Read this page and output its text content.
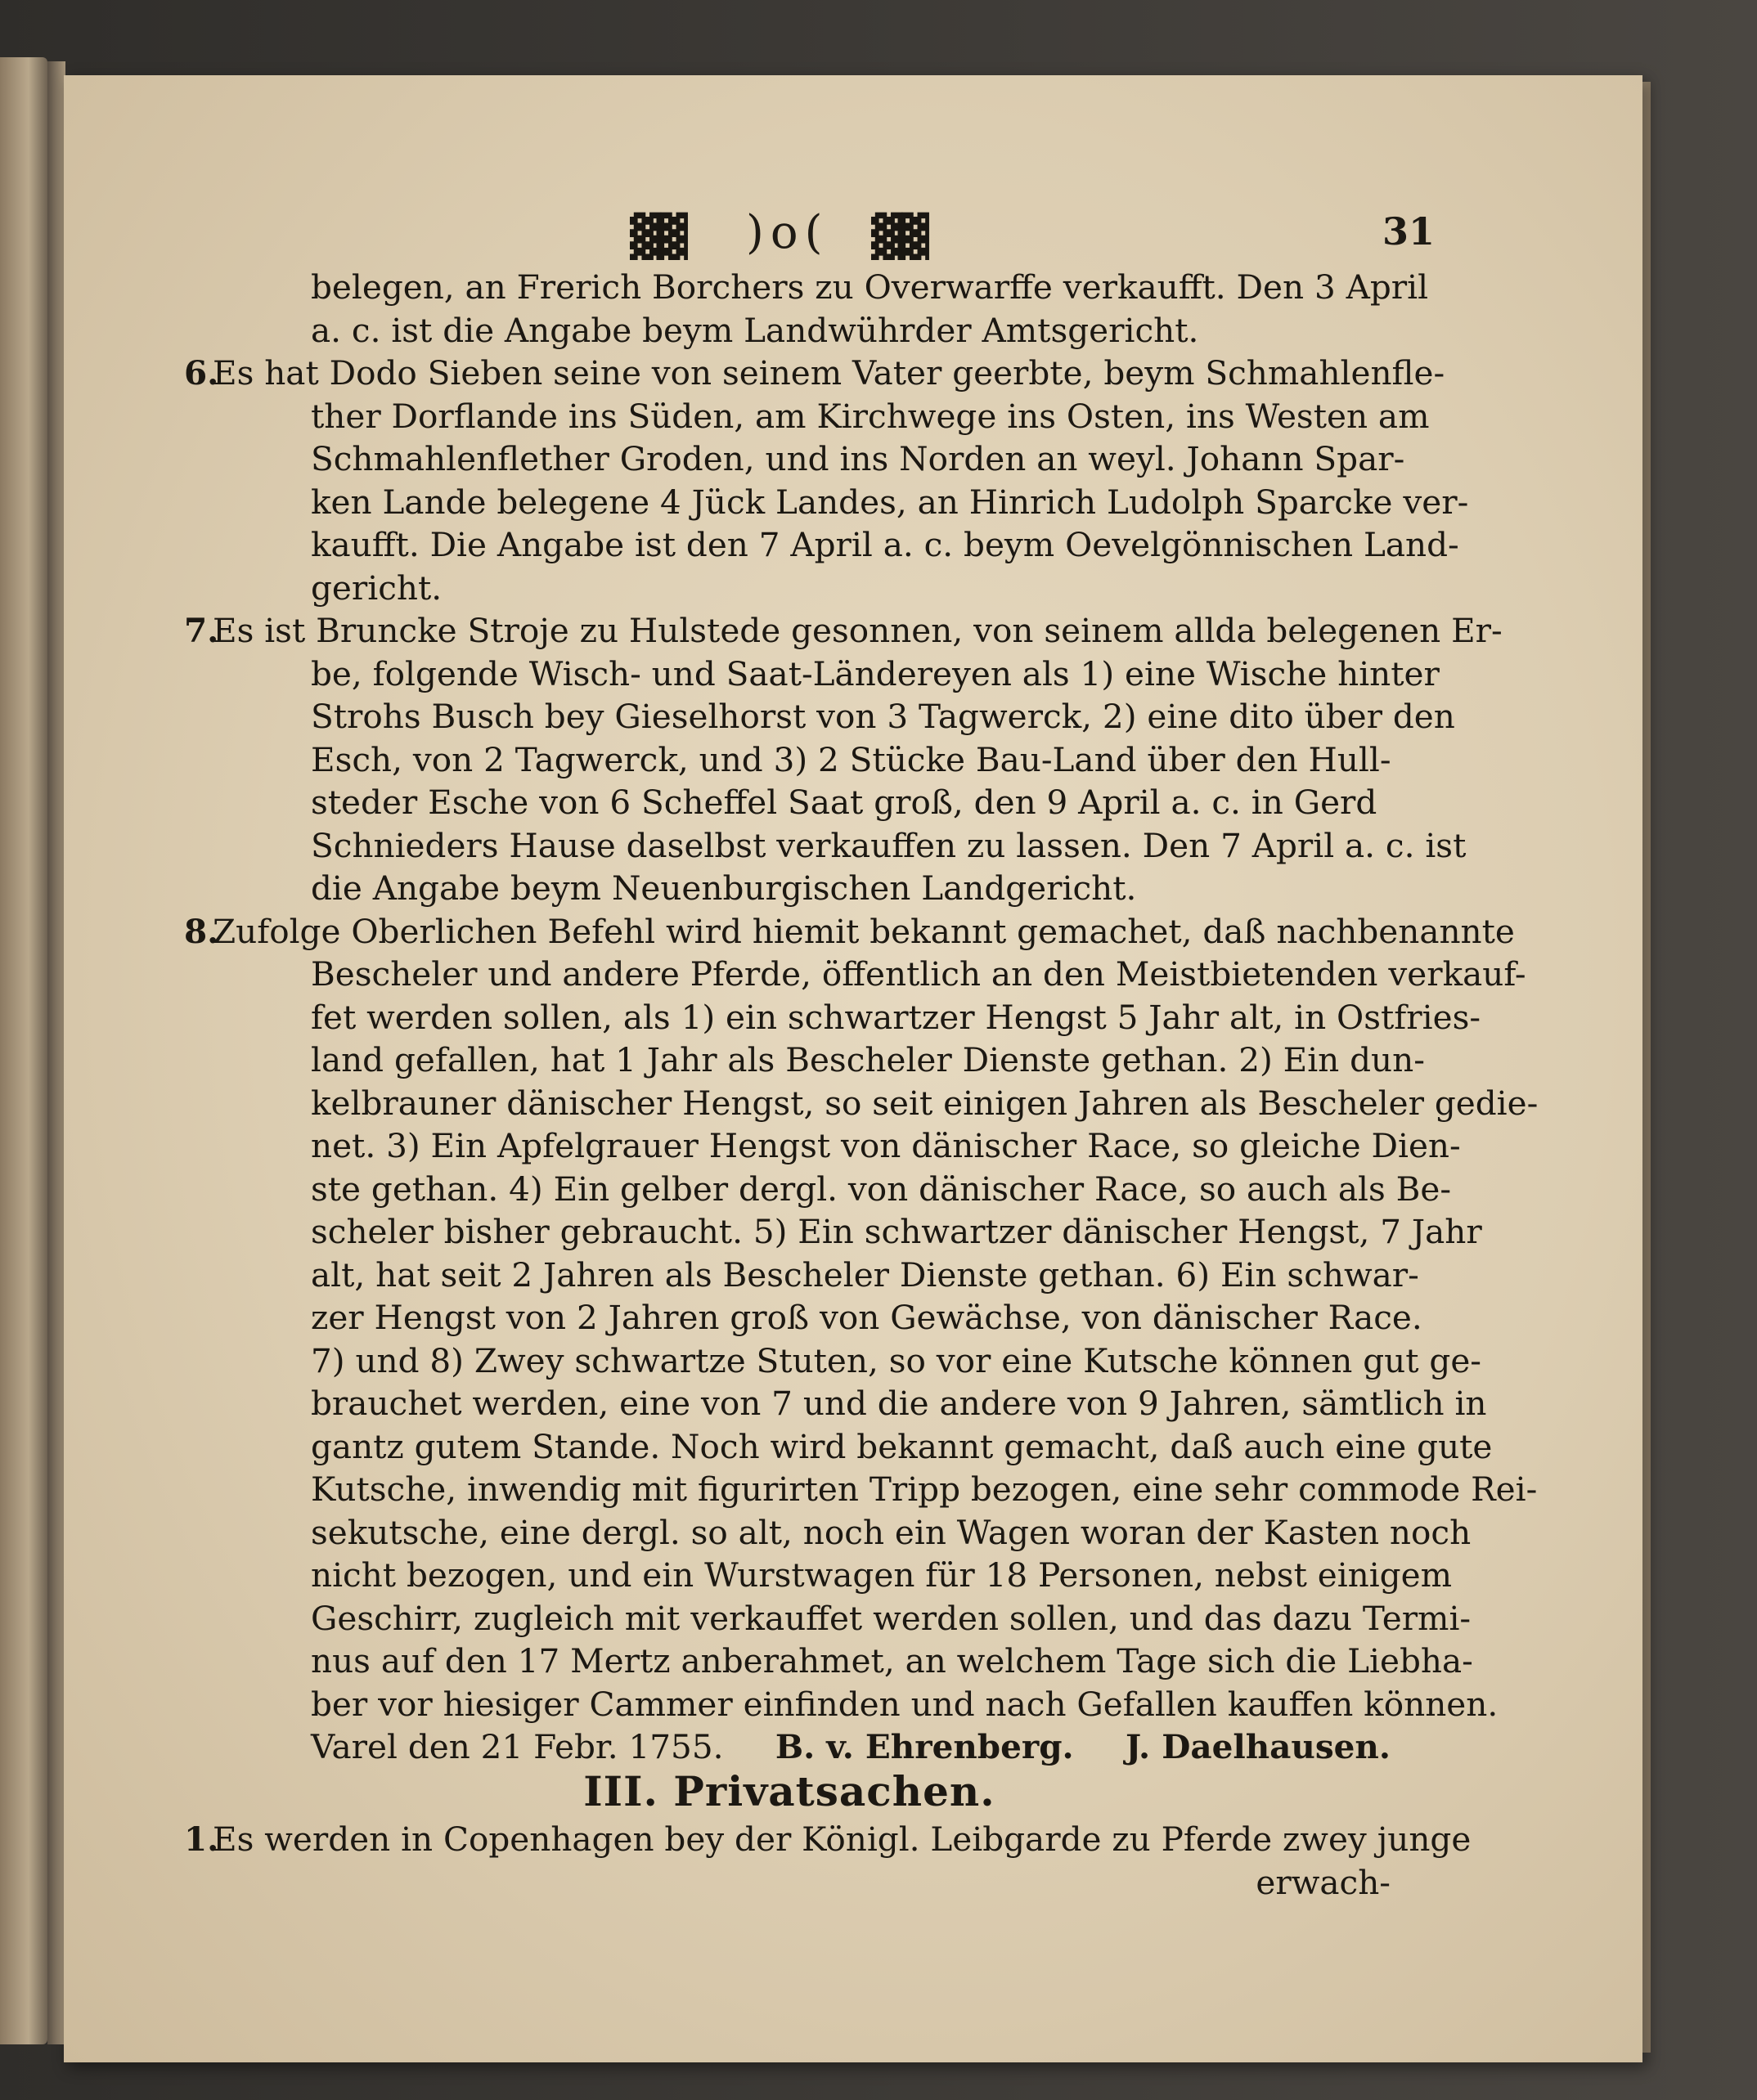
▓▓ )o( ▓▓	31
belegen, an Frerich Borchers zu Overwarffe verkaufft. Den 3 April
a. c. ist die Angabe beym Landwührder Amtsgericht.
6.
Es hat Dodo Sieben seine von seinem Vater geerbte, beym Schmahlenfle-
ther Dorflande ins Süden, am Kirchwege ins Osten, ins Westen am
Schmahlenflether Groden, und ins Norden an weyl. Johann Spar-
ken Lande belegene 4 Jück Landes, an Hinrich Ludolph Sparcke ver-
kaufft. Die Angabe ist den 7 April a. c. beym Oevelgönnischen Land-
gericht.
7.
Es ist Bruncke Stroje zu Hulstede gesonnen, von seinem allda belegenen Er-
be, folgende Wisch- und Saat-Ländereyen als 1) eine Wische hinter
Strohs Busch bey Gieselhorst von 3 Tagwerck, 2) eine dito über den
Esch, von 2 Tagwerck, und 3) 2 Stücke Bau-Land über den Hull-
steder Esche von 6 Scheffel Saat groß, den 9 April a. c. in Gerd
Schnieders Hause daselbst verkauffen zu lassen. Den 7 April a. c. ist
die Angabe beym Neuenburgischen Landgericht.
8.
Zufolge Oberlichen Befehl wird hiemit bekannt gemachet, daß nachbenannte
Bescheler und andere Pferde, öffentlich an den Meistbietenden verkauf-
fet werden sollen, als 1) ein schwartzer Hengst 5 Jahr alt, in Ostfries-
land gefallen, hat 1 Jahr als Bescheler Dienste gethan. 2) Ein dun-
kelbrauner dänischer Hengst, so seit einigen Jahren als Bescheler gedie-
net. 3) Ein Apfelgrauer Hengst von dänischer Race, so gleiche Dien-
ste gethan. 4) Ein gelber dergl. von dänischer Race, so auch als Be-
scheler bisher gebraucht. 5) Ein schwartzer dänischer Hengst, 7 Jahr
alt, hat seit 2 Jahren als Bescheler Dienste gethan. 6) Ein schwar-
zer Hengst von 2 Jahren groß von Gewächse, von dänischer Race.
7) und 8) Zwey schwartze Stuten, so vor eine Kutsche können gut ge-
brauchet werden, eine von 7 und die andere von 9 Jahren, sämtlich in
gantz gutem Stande. Noch wird bekannt gemacht, daß auch eine gute
Kutsche, inwendig mit figurirten Tripp bezogen, eine sehr commode Rei-
sekutsche, eine dergl. so alt, noch ein Wagen woran der Kasten noch
nicht bezogen, und ein Wurstwagen für 18 Personen, nebst einigem
Geschirr, zugleich mit verkauffet werden sollen, und das dazu Termi-
nus auf den 17 Mertz anberahmet, an welchem Tage sich die Liebha-
ber vor hiesiger Cammer einfinden und nach Gefallen kauffen können.
Varel den 21 Febr. 1755. B. v. Ehrenberg. J. Daelhausen.
III. Privatsachen.
1.
Es werden in Copenhagen bey der Königl. Leibgarde zu Pferde zwey junge
erwach-
